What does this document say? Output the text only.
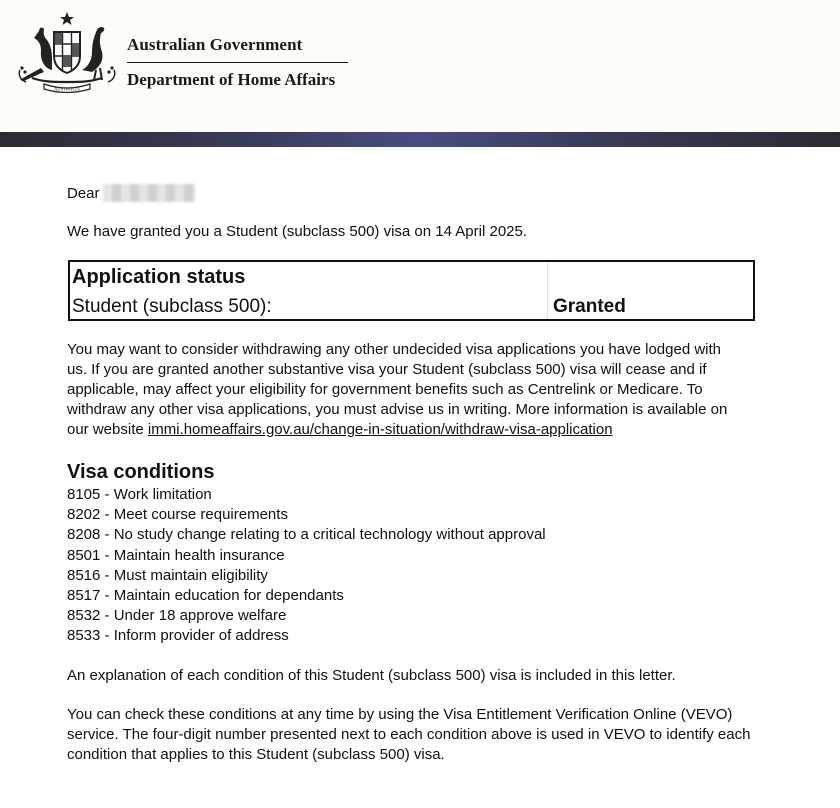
AUSTRALIA
Australian Government
Department of Home Affairs

Dear

We have granted you a Student (subclass 500) visa on 14 April 2025.

Application status
Student (subclass 500):	Granted

You may want to consider withdrawing any other undecided visa applications you have lodged with us. If you are granted another substantive visa your Student (subclass 500) visa will cease and if applicable, may affect your eligibility for government benefits such as Centrelink or Medicare. To withdraw any other visa applications, you must advise us in writing. More information is available on our website immi.homeaffairs.gov.au/change-in-situation/withdraw-visa-application

Visa conditions
8105 - Work limitation
8202 - Meet course requirements
8208 - No study change relating to a critical technology without approval
8501 - Maintain health insurance
8516 - Must maintain eligibility
8517 - Maintain education for dependants
8532 - Under 18 approve welfare
8533 - Inform provider of address

An explanation of each condition of this Student (subclass 500) visa is included in this letter.

You can check these conditions at any time by using the Visa Entitlement Verification Online (VEVO) service. The four-digit number presented next to each condition above is used in VEVO to identify each condition that applies to this Student (subclass 500) visa.
